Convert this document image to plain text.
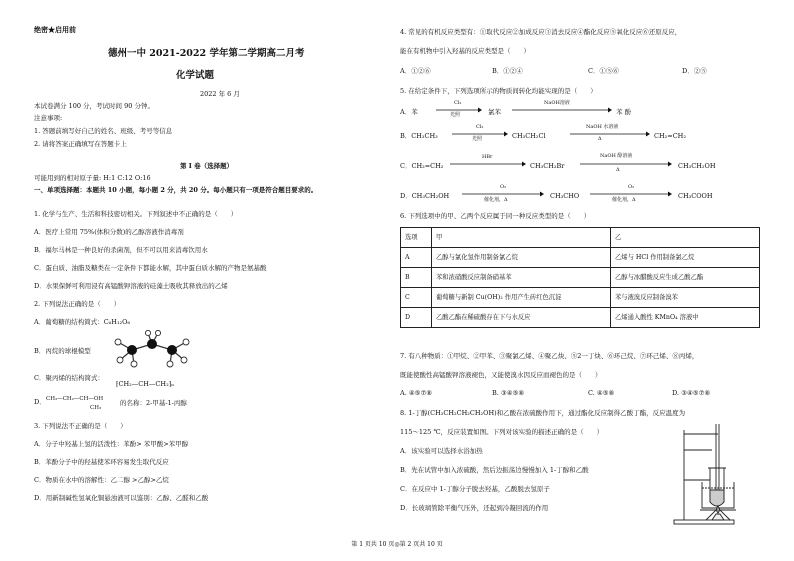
绝密★启用前
德州一中 2021-2022 学年第二学期高二月考
化学试题
2022 年 6 月
本试卷满分 100 分，考试时间 90 分钟。
注意事项:
1. 答题前填写好自己的姓名、班级、考号等信息
2. 请将答案正确填写在答题卡上
第 I 卷（选择题）
可能用到的相对原子量: H:1 C:12 O:16
一、单项选择题：本题共 10 小题，每小题 2 分，共 20 分。每小题只有一项是符合题目要求的。
1. 化学与生产、生活和科技密切相关。下列叙述中不正确的是（　　）
A．医疗上常用 75%(体积分数)的乙醇溶液作消毒剂
B．福尔马林是一种良好的杀菌剂，但不可以用来消毒饮用水
C．蛋白质、油脂及糖类在一定条件下都能水解，其中蛋白质水解的产物是氨基酸
D．水果保鲜可利用浸有高锰酸钾溶液的硅藻土吸收其释放出的乙烯
2. 下列说法正确的是（　　）
A．葡萄糖的结构简式：C₆H₁₂O₆
B．丙烷的球棍模型
C．聚丙烯的结构简式：
⁅CH₂—CH—CH₂⁆ₙ
D． CH₃—CH₂—CH—OH
CH₃
的名称：2-甲基-1-丙醇
3. 下列说法不正确的是（　　）
A．分子中羟基上氢的活泼性：苯酚> 苯甲酸>苯甲醇
B．苯酚分子中的羟基使苯环容易发生取代反应
C．物质在水中的溶解性：乙二醇 >乙醇>乙烷
D．用新制碱性氢氧化铜悬浊液可以鉴别：乙醇、乙醛和乙酸
4. 常见的有机反应类型有：①取代反应②加成反应③消去反应④酯化反应⑤氧化反应⑥还原反应，
能在有机物中引入羟基的反应类型是（　　）
A．①②⑥	B．①②④	C．①⑤⑥	D．②⑤
5. 在给定条件下，下列选项所示的物质间转化均能实现的是（　　）
A．苯
Cl₂
光照	氯苯
NaOH溶液
苯 酚
B．CH₃CH₃
Cl₂
光照	CH₃CH₂Cl
NaOH 水溶液
Δ	CH₂=CH₂
C．CH₂=CH₂
HBr
CH₃CH₂Br
NaOH 醇溶液
Δ	CH₃CH₂OH
D．CH₃CH₂OH
O₂
催化剂，Δ	CH₃CHO
O₂
催化剂，Δ	CH₃COOH
6. 下列选项中的甲、乙两个反应属于同一种反应类型的是（　　）
选项	甲	乙
A	乙醇与氯化氢作用制备氯乙烷	乙烯与 HCl 作用制备氯乙烷
B	苯和浓硝酸反应制备硝基苯	乙醇与冰醋酸反应生成乙酸乙酯
C	葡萄糖与新制 Cu(OH)₂ 作用产生砖红色沉淀	苯与液溴反应制备溴苯
D	乙酸乙酯在稀硫酸存在下与水反应	乙烯通入酸性 KMnO₄ 溶液中
7. 有八种物质：①甲烷、②甲苯、③聚氯乙烯、④聚乙炔、⑤2一丁炔、⑥环己烷、⑦环己烯、⑧丙烯，
既能使酸性高锰酸钾溶液褪色，又能使溴水因反应而褪色的是（　　）
A. ④⑤⑦⑧	B. ③④⑤⑧	C. ④⑤⑧	D. ③④⑤⑦⑧
8. 1-丁醇(CH₃CH₂CH₂CH₂OH)和乙酸在浓硫酸作用下，通过酯化反应制得乙酸丁酯，反应温度为
115～125 ℃，反应装置如图。下列对该实验的描述正确的是（　　）
A．该实验可以选择水浴加热
B．先在试管中加入浓硫酸，然后边振荡边慢慢加入 1-丁醇和乙酸
C．在反应中 1-丁醇分子脱去羟基，乙酸脱去氢原子
D．长玻璃管除平衡气压外，还起到冷凝回流的作用
第 1 页共 10 页◎第 2 页共 10 页
